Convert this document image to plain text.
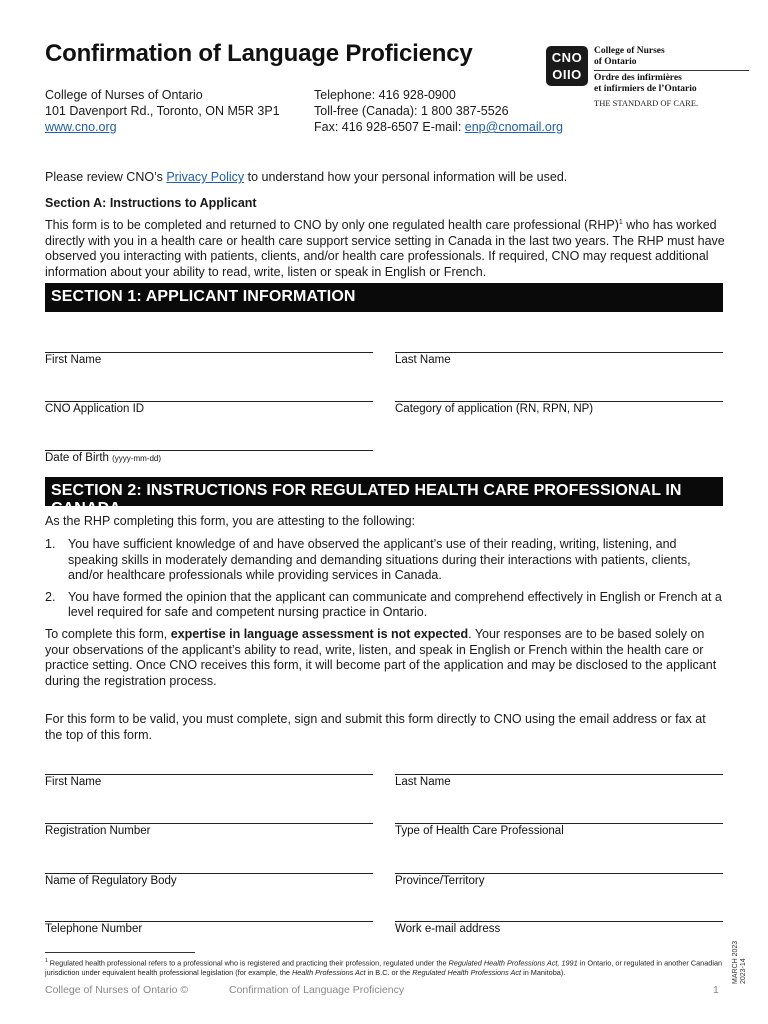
Confirmation of Language Proficiency	CNO
OIIO
College of Nurses
of Ontario
Ordre des infirmières
et infirmiers de l’Ontario
THE STANDARD OF CARE.
College of Nurses of Ontario
101 Davenport Rd., Toronto, ON M5R 3P1
www.cno.org
Telephone: 416 928-0900
Toll-free (Canada): 1 800 387-5526
Fax: 416 928-6507 E-mail: enp@cnomail.org
Please review CNO’s Privacy Policy to understand how your personal information will be used.
Section A: Instructions to Applicant
This form is to be completed and returned to CNO by only one regulated health care professional (RHP)$^1$ who has worked directly with you in a health care or health care support service setting in Canada in the last two years. The RHP must have observed you interacting with patients, clients, and/or health care professionals. If required, CNO may request additional information about your ability to read, write, listen or speak in English or French.
SECTION 1: APPLICANT INFORMATION
First Name	Last Name
CNO Application ID	Category of application (RN, RPN, NP)
Date of Birth (yyyy-mm-dd)
SECTION 2: INSTRUCTIONS FOR REGULATED HEALTH CARE PROFESSIONAL IN CANADA
As the RHP completing this form, you are attesting to the following:
1. You have sufficient knowledge of and have observed the applicant’s use of their reading, writing, listening, and speaking skills in moderately demanding and demanding situations during their interactions with patients, clients, and/or healthcare professionals while providing services in Canada.
2. You have formed the opinion that the applicant can communicate and comprehend effectively in English or French at a level required for safe and competent nursing practice in Ontario.
To complete this form, expertise in language assessment is not expected. Your responses are to be based solely on your observations of the applicant’s ability to read, write, listen, and speak in English or French within the health care or practice setting. Once CNO receives this form, it will become part of the application and may be disclosed to the applicant during the registration process.
For this form to be valid, you must complete, sign and submit this form directly to CNO using the email address or fax at the top of this form.
First Name	Last Name
Registration Number	Type of Health Care Professional
Name of Regulatory Body	Province/Territory
Telephone Number	Work e-mail address
$^1$ Regulated health professional refers to a professional who is registered and practicing their profession, regulated under the Regulated Health Professions Act, 1991 in Ontario, or regulated in another Canadian jurisdiction under equivalent health professional legislation (for example, the Health Professions Act in B.C. or the Regulated Health Professions Act in Manitoba).
College of Nurses of Ontario ©	Confirmation of Language Proficiency	1
MARCH 2023 2023-14
